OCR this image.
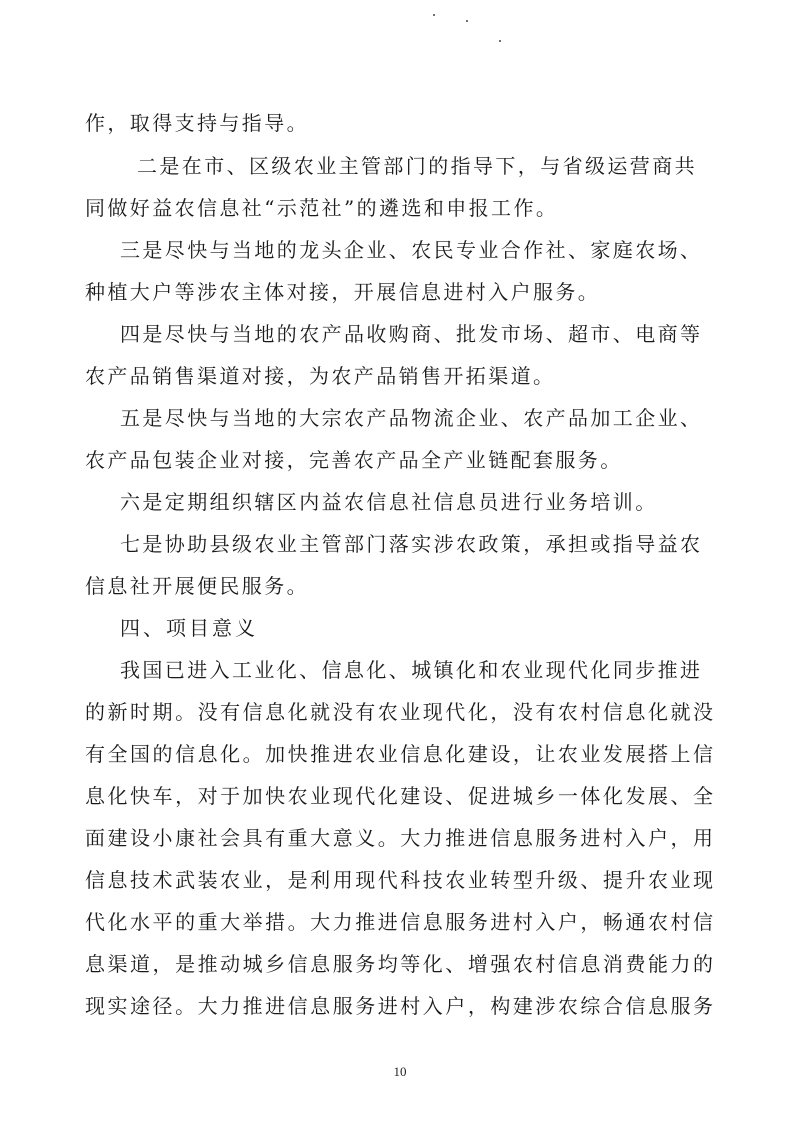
作，取得支持与指导。
二是在市、区级农业主管部门的指导下，与省级运营商共
同做好益农信息社“示范社”的遴选和申报工作。
三是尽快与当地的龙头企业、农民专业合作社、家庭农场、
种植大户等涉农主体对接，开展信息进村入户服务。
四是尽快与当地的农产品收购商、批发市场、超市、电商等
农产品销售渠道对接，为农产品销售开拓渠道。
五是尽快与当地的大宗农产品物流企业、农产品加工企业、
农产品包装企业对接，完善农产品全产业链配套服务。
六是定期组织辖区内益农信息社信息员进行业务培训。
七是协助县级农业主管部门落实涉农政策，承担或指导益农
信息社开展便民服务。
四、项目意义
我国已进入工业化、信息化、城镇化和农业现代化同步推进
的新时期。没有信息化就没有农业现代化，没有农村信息化就没
有全国的信息化。加快推进农业信息化建设，让农业发展搭上信
息化快车，对于加快农业现代化建设、促进城乡一体化发展、全
面建设小康社会具有重大意义。大力推进信息服务进村入户，用
信息技术武装农业，是利用现代科技农业转型升级、提升农业现
代化水平的重大举措。大力推进信息服务进村入户，畅通农村信
息渠道，是推动城乡信息服务均等化、增强农村信息消费能力的
现实途径。大力推进信息服务进村入户，构建涉农综合信息服务
10
